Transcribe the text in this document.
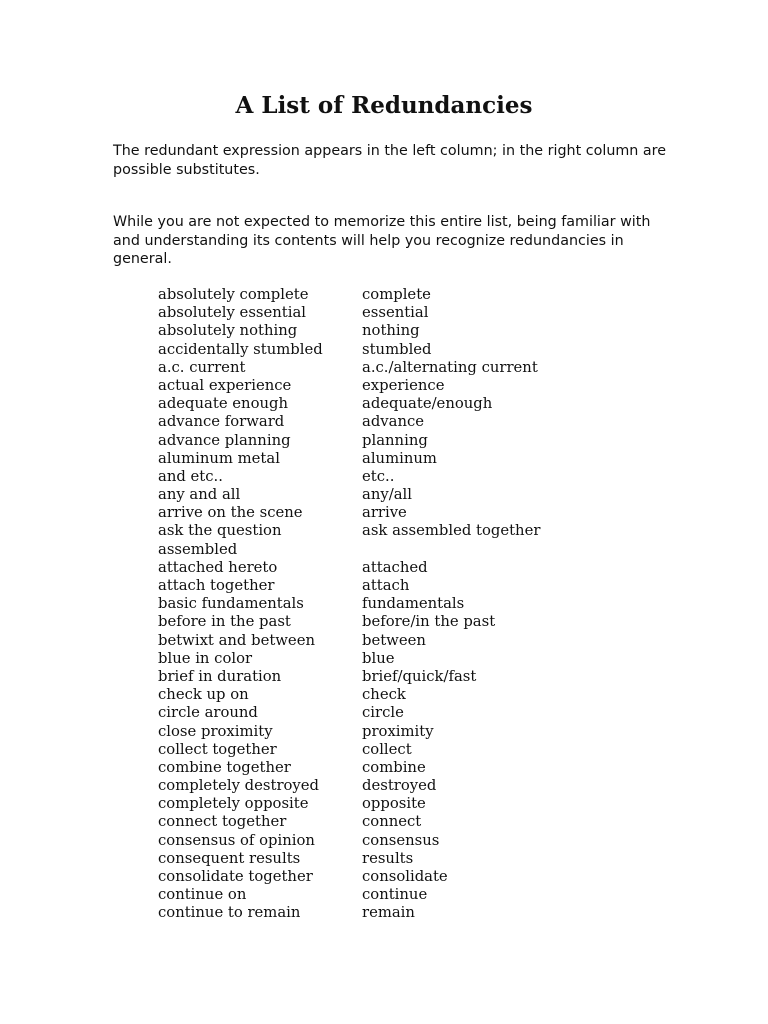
A List of Redundancies

The redundant expression appears in the left column; in the right column are possible substitutes.

While you are not expected to memorize this entire list, being familiar with and understanding its contents will help you recognize redundancies in general.

absolutely complete	complete
absolutely essential	essential
absolutely nothing	nothing
accidentally stumbled	stumbled
a.c. current	a.c./alternating current
actual experience	experience
adequate enough	adequate/enough
advance forward	advance
advance planning	planning
aluminum metal	aluminum
and etc..	etc..
any and all	any/all
arrive on the scene	arrive
ask the question	ask assembled together
assembled
attached hereto	attached
attach together	attach
basic fundamentals	fundamentals
before in the past	before/in the past
betwixt and between	between
blue in color	blue
brief in duration	brief/quick/fast
check up on	check
circle around	circle
close proximity	proximity
collect together	collect
combine together	combine
completely destroyed	destroyed
completely opposite	opposite
connect together	connect
consensus of opinion	consensus
consequent results	results
consolidate together	consolidate
continue on	continue
continue to remain	remain
